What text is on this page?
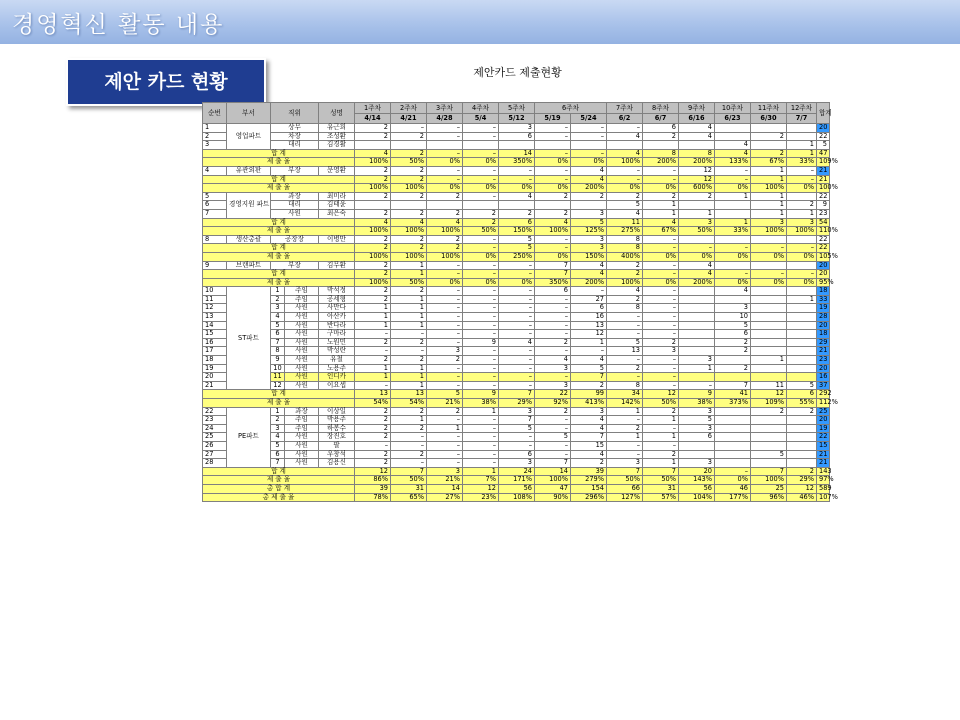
경영혁신 활동 내용
제안 카드 현황	제안카드 제출현황
순번	부서	직위		성명	1주차	2주차	3주차	4주차	5주차	6주차		7주차	8주차	9주차	10주차	11주차	12주차	합계
					4/14	4/21	4/28	5/4	5/12	5/19	5/24	6/2	6/7	6/16	6/23	6/30	7/7	
1	영업파트	상무		유근희	2	–	–	–	3	–	–	–	6	4				20
2		차장		조성환	2	2	–	–	6	–	–	4	2	4		2		22
3		대리		김경활											4		1	5
합 계					4	2	–	–	14	–	–	4	8	8	4	2	1	47
제 출 율					100%	50%	0%	0%	350%	0%	0%	100%	200%	200%	133%	67%	33%	109%
4	유관외판	부장		문영환	2	2	–	–	–	–	4	–	–	12	–	1	–	21
합 계					2	2	–	–	–	–	4	–	–	12	–	1	–	21
제 출 율					100%	100%	0%	0%	0%	0%	200%	0%	0%	600%	0%	100%	0%	100%
5	경영지원 파트	과장		최미라	2	2	2	–	4	2	2	2	2	2	1	1		22
6		대리		김태윤								5	1			1	2	9
7		사원		최은숙	2	2	2	2	2	2	3	4	1	1		1	1	23
합 계					4	4	4	2	6	4	5	11	4	3	1	3	3	54
제 출 율					100%	100%	100%	50%	150%	100%	125%	275%	67%	50%	33%	100%	100%	110%
8	생산총괄	공장장		이병만	2	2	2	–	5	–	3	8	–					22
합 계					2	2	2	–	5	–	3	8	–	–	–	–	–	22
제 출 율					100%	100%	100%	0%	250%	0%	150%	400%	0%	0%	0%	0%	0%	105%
9	브랜파트	부장		김무환	2	1	–	–	–	7	4	2	–	4				20
합 계					2	1	–	–	–	7	4	2	–	4	–	–	–	20
제 출 율					100%	50%	0%	0%	0%	350%	200%	100%	0%	200%	0%	0%	0%	95%
10	ST파트	1	주임	박석정	2	2	–	–	–	6	–	4	–		4			18
11		2	주임	공세형	2	1	–	–	–	–	27	2	–				1	33
12		3	사원	사만다	1	1	–	–	–	–	6	8	–		3			19
13		4	사원	아산카	1	1	–	–	–	–	16	–	–		10			28
14		5	사원	반다라	1	1	–	–	–	–	13	–	–		5			20
15		6	사원	구마라	–	–	–	–	–	–	12	–	–		6			18
16		7	사원	노원민	2	2	–	9	4	2	1	5	2		2			29
17		8	사원	박성란	–	–	3	–	–	–	–	13	3		2			21
18		9	사원	유철	2	2	2	–	–	4	4	–	–	3		1		23
19		10	사원	노용주	1	1	–	–	–	3	5	2	–	1	2			20
20		11	사원	인디카	1	1	–	–	–	–	7	–	–					16
21		12	사원	이요셉	–	1	–	–	–	3	2	8	–	–	7	11	5	37
합 계					13	13	5	9	7	22	99	34	12	9	41	12	6	292
제 출 율					54%	54%	21%	38%	29%	92%	413%	142%	50%	38%	373%	109%	55%	112%
22	PE파트	1	과장	이상일	2	2	2	1	3	2	3	1	2	3		2	2	25
23		2	주임	박용주	2	1	–	–	7	–	4	–	1	5				20
24		3	주임	하봉수	2	2	1	–	5	–	4	2	–	3				19
25		4	사원	장진호	2	–	–	–	–	5	7	1	1	6				22
26		5	사원	팔	–	–	–	–	–	–	15	–	–					15
27		6	사원	우창석	2	2	–	–	6	–	4	–	2			5		21
28		7	사원	김용신	2	–	–	–	3	7	2	3	1	3				21
합 계					12	7	3	1	24	14	39	7	7	20	–	7	2	143
제 출 율					86%	50%	21%	7%	171%	100%	279%	50%	50%	143%	0%	100%	29%	97%
총 합 계					39	31	14	12	56	47	154	66	31	56	46	25	12	589
총 제 출 율					78%	65%	27%	23%	108%	90%	296%	127%	57%	104%	177%	96%	46%	107%
